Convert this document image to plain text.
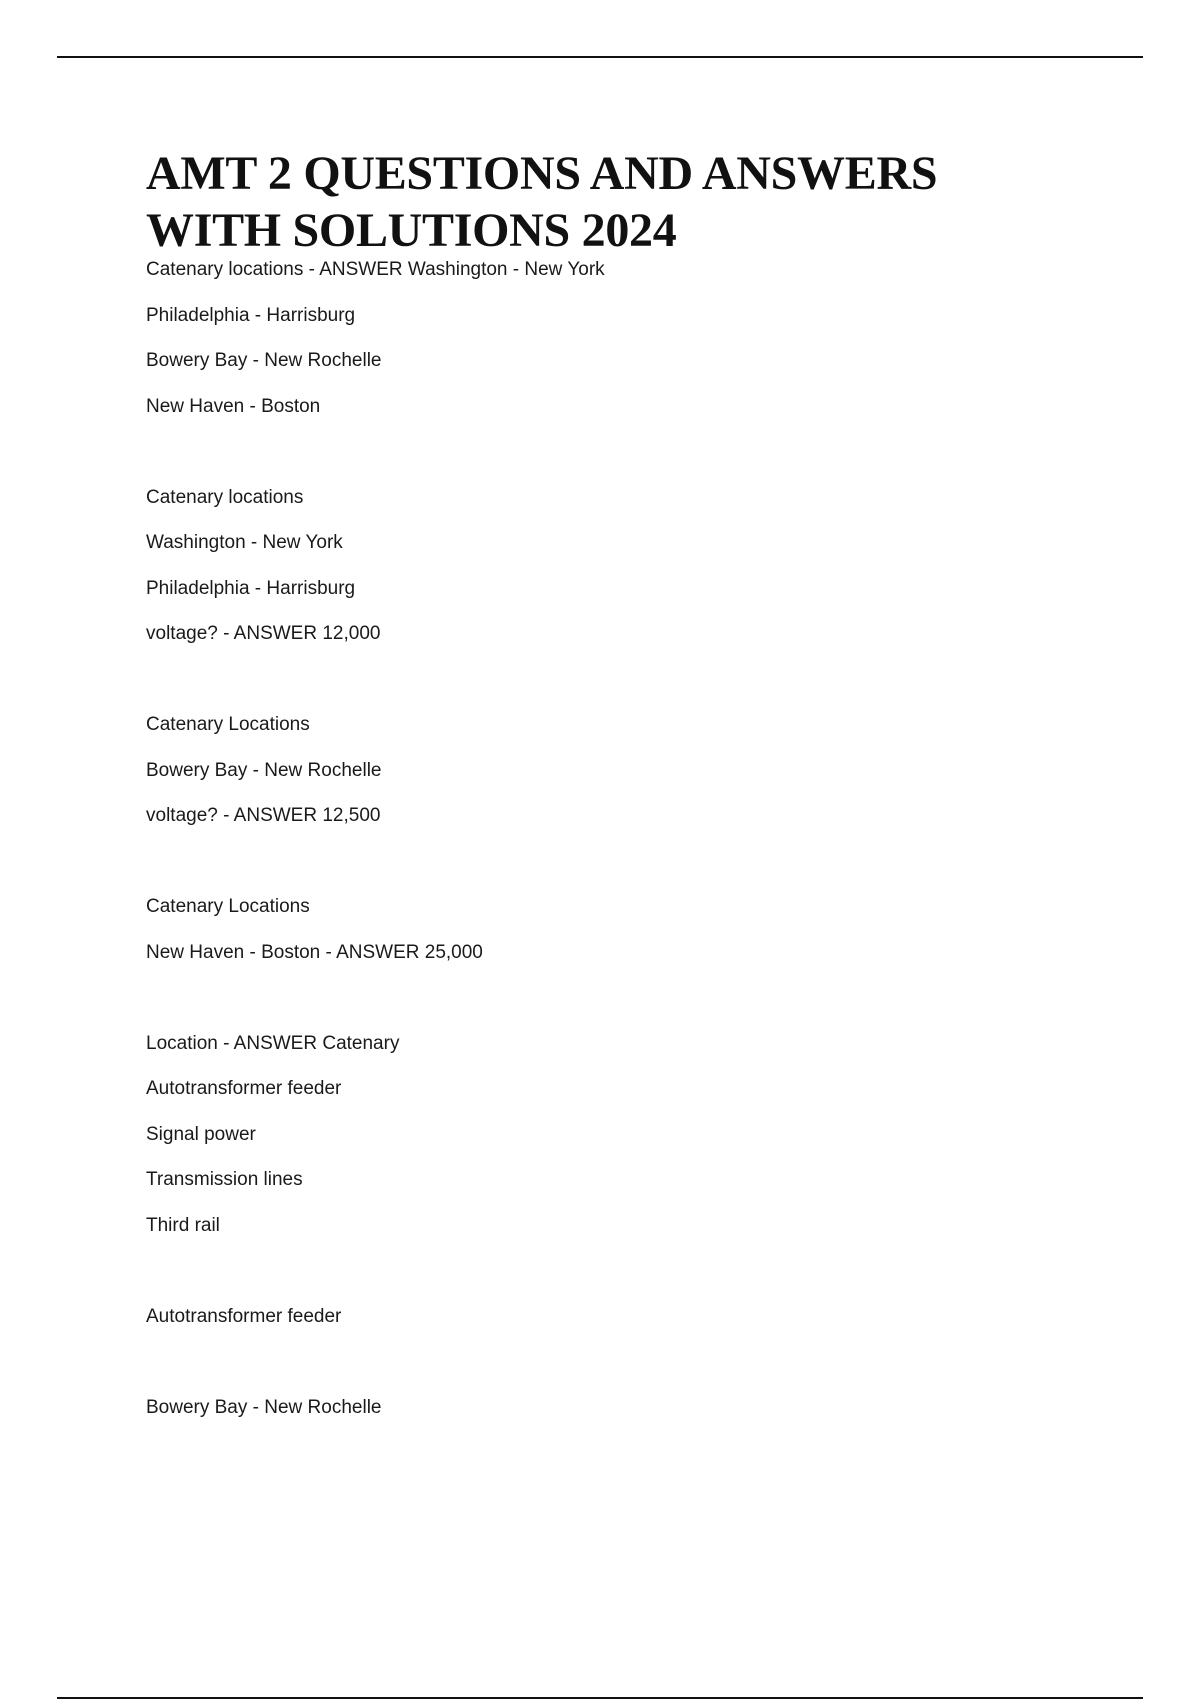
AMT 2 QUESTIONS AND ANSWERS
WITH SOLUTIONS 2024

Catenary locations - ANSWER Washington - New York

Philadelphia - Harrisburg

Bowery Bay - New Rochelle

New Haven - Boston

Catenary locations

Washington - New York

Philadelphia - Harrisburg

voltage? - ANSWER 12,000

Catenary Locations

Bowery Bay - New Rochelle

voltage? - ANSWER 12,500

Catenary Locations

New Haven - Boston - ANSWER 25,000

Location - ANSWER Catenary

Autotransformer feeder

Signal power

Transmission lines

Third rail

Autotransformer feeder

Bowery Bay - New Rochelle
